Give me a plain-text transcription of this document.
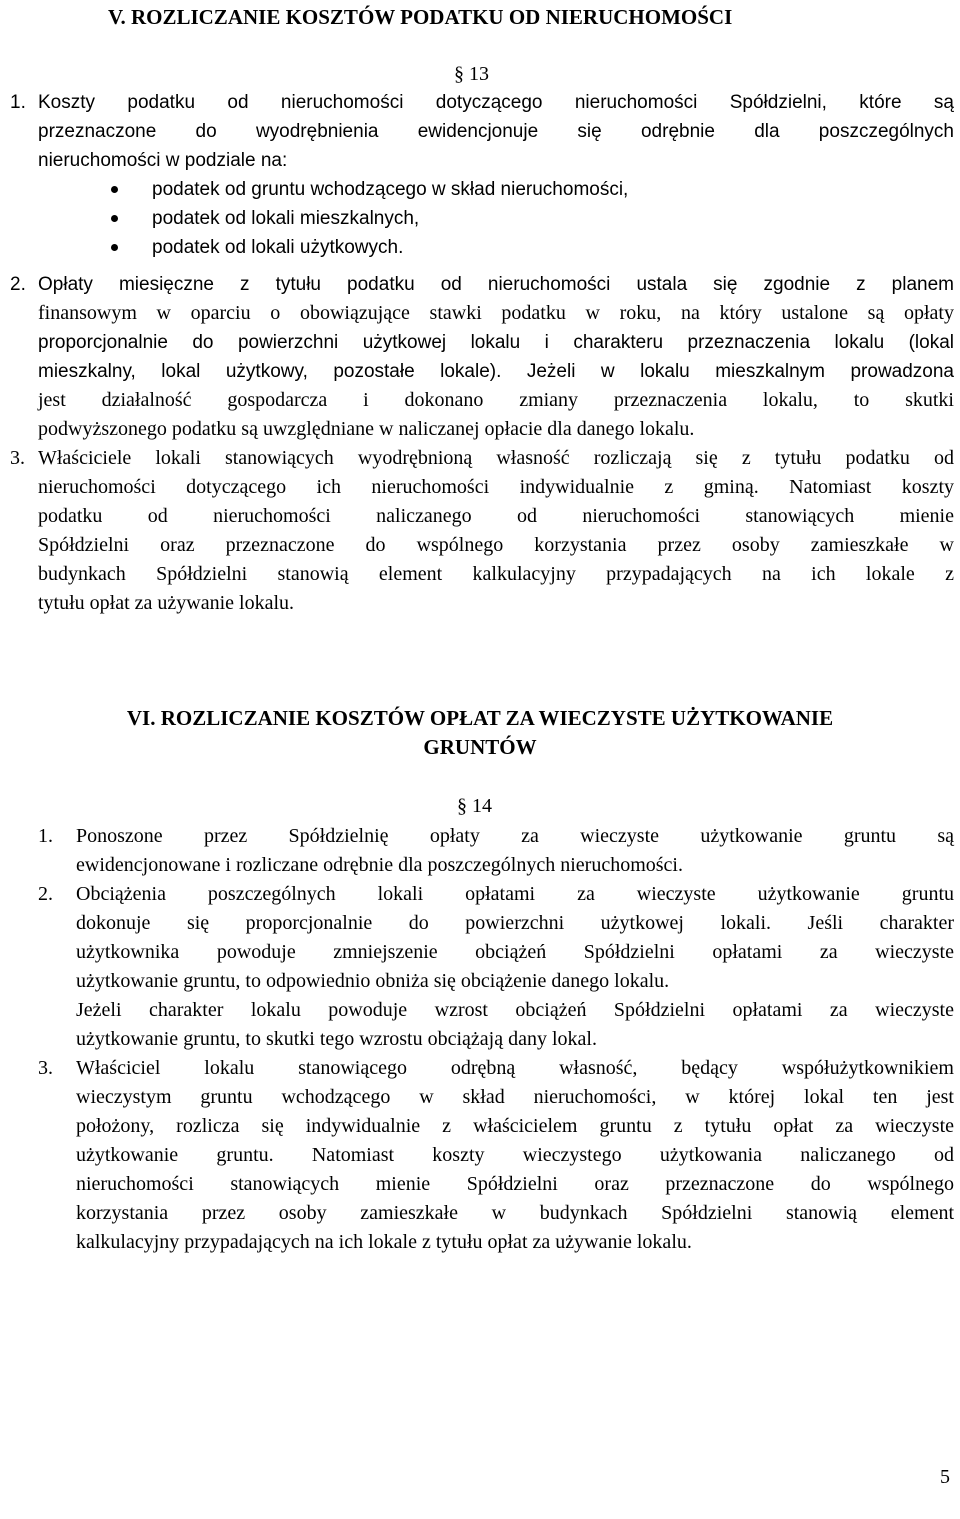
V. ROZLICZANIE KOSZTÓW PODATKU OD NIERUCHOMOŚCI
§ 13
1. Koszty podatku od nieruchomości dotyczącego nieruchomości Spółdzielni, które są
przeznaczone do wyodrębnienia ewidencjonuje się odrębnie dla poszczególnych
nieruchomości w podziale na:
podatek od gruntu wchodzącego w skład nieruchomości,
podatek od lokali mieszkalnych,
podatek od lokali użytkowych.
2. Opłaty miesięczne z tytułu podatku od nieruchomości ustala się zgodnie z planem
finansowym w oparciu o obowiązujące stawki podatku w roku, na który ustalone są opłaty
proporcjonalnie do powierzchni użytkowej lokalu i charakteru przeznaczenia lokalu (lokal
mieszkalny, lokal użytkowy, pozostałe lokale). Jeżeli w lokalu mieszkalnym prowadzona
jest działalność gospodarcza i dokonano zmiany przeznaczenia lokalu, to skutki
podwyższonego podatku są uwzględniane w naliczanej opłacie dla danego lokalu.
3. Właściciele lokali stanowiących wyodrębnioną własność rozliczają się z tytułu podatku od
nieruchomości dotyczącego ich nieruchomości indywidualnie z gminą. Natomiast koszty
podatku od nieruchomości naliczanego od nieruchomości stanowiących mienie
Spółdzielni oraz przeznaczone do wspólnego korzystania przez osoby zamieszkałe w
budynkach Spółdzielni stanowią element kalkulacyjny przypadających na ich lokale z
tytułu opłat za używanie lokalu.
VI. ROZLICZANIE KOSZTÓW OPŁAT ZA WIECZYSTE UŻYTKOWANIE
GRUNTÓW
§ 14
1. Ponoszone przez Spółdzielnię opłaty za wieczyste użytkowanie gruntu są
ewidencjonowane i rozliczane odrębnie dla poszczególnych nieruchomości.
2. Obciążenia poszczególnych lokali opłatami za wieczyste użytkowanie gruntu
dokonuje się proporcjonalnie do powierzchni użytkowej lokali. Jeśli charakter
użytkownika powoduje zmniejszenie obciążeń Spółdzielni opłatami za wieczyste
użytkowanie gruntu, to odpowiednio obniża się obciążenie danego lokalu.
Jeżeli charakter lokalu powoduje wzrost obciążeń Spółdzielni opłatami za wieczyste
użytkowanie gruntu, to skutki tego wzrostu obciążają dany lokal.
3. Właściciel lokalu stanowiącego odrębną własność, będący współużytkownikiem
wieczystym gruntu wchodzącego w skład nieruchomości, w której lokal ten jest
położony, rozlicza się indywidualnie z właścicielem gruntu z tytułu opłat za wieczyste
użytkowanie gruntu. Natomiast koszty wieczystego użytkowania naliczanego od
nieruchomości stanowiących mienie Spółdzielni oraz przeznaczone do wspólnego
korzystania przez osoby zamieszkałe w budynkach Spółdzielni stanowią element
kalkulacyjny przypadających na ich lokale z tytułu opłat za używanie lokalu.
5
